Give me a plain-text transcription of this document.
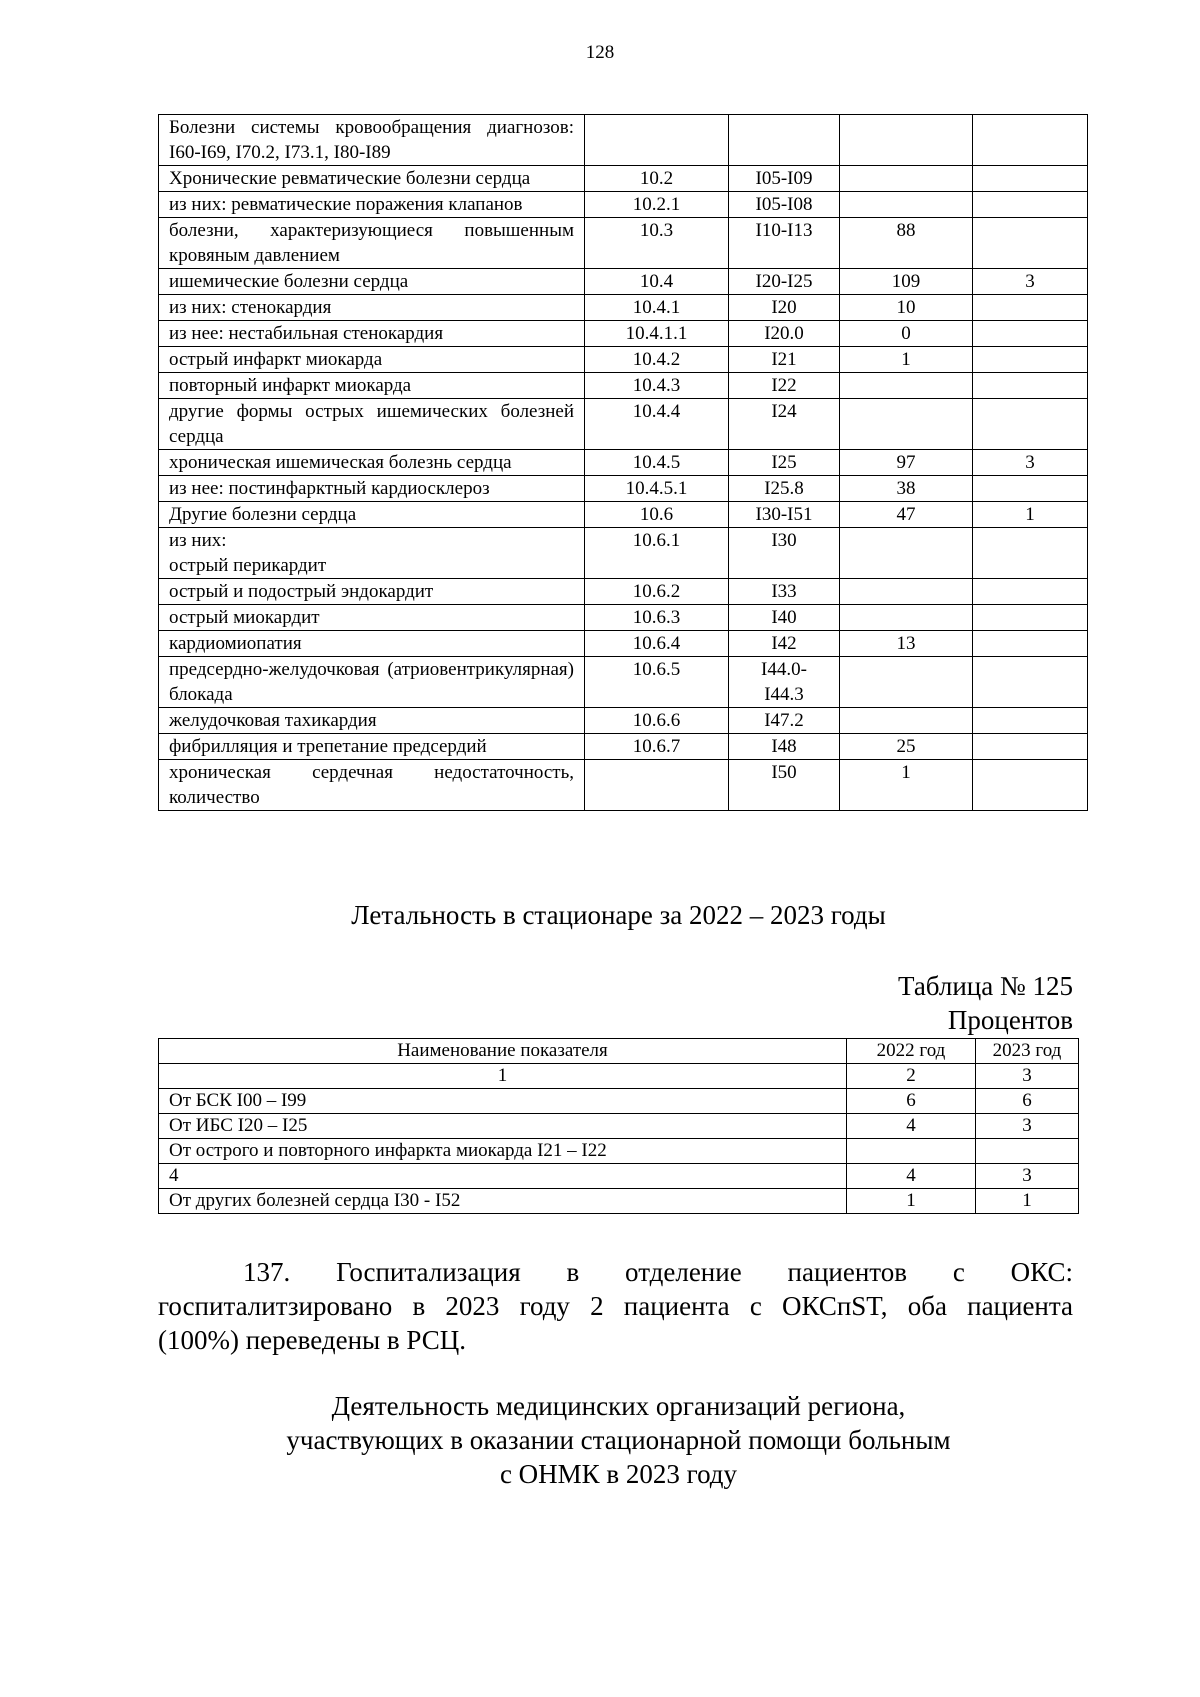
128
Болезни системы кровообращения диагнозов: I60-I69, I70.2, I73.1, I80-I89				
Хронические ревматические болезни сердца	10.2	I05-I09		
из них: ревматические поражения клапанов	10.2.1	I05-I08		
болезни, характеризующиеся повышенным кровяным давлением	10.3	I10-I13	88	
ишемические болезни сердца	10.4	I20-I25	109	3
из них: стенокардия	10.4.1	I20	10	
из нее: нестабильная стенокардия	10.4.1.1	I20.0	0	
острый инфаркт миокарда	10.4.2	I21	1	
повторный инфаркт миокарда	10.4.3	I22		
другие формы острых ишемических болезней сердца	10.4.4	I24		
хроническая ишемическая болезнь сердца	10.4.5	I25	97	3
из нее: постинфарктный кардиосклероз	10.4.5.1	I25.8	38	
Другие болезни сердца	10.6	I30-I51	47	1
из них:
острый перикардит	10.6.1	I30		
острый и подострый эндокардит	10.6.2	I33		
острый миокардит	10.6.3	I40		
кардиомиопатия	10.6.4	I42	13	
предсердно-желудочковая (атриовентрикулярная) блокада	10.6.5	I44.0-
I44.3		
желудочковая тахикардия	10.6.6	I47.2		
фибрилляция и трепетание предсердий	10.6.7	I48	25	
хроническая сердечная недостаточность, количество		I50	1	
Летальность в стационаре за 2022 – 2023 годы
Таблица № 125
Процентов
Наименование показателя	2022 год	2023 год
1	2	3
От БСК I00 – I99	6	6
От ИБС I20 – I25	4	3
От острого и повторного инфаркта миокарда I21 – I22		
4	4	3
От других болезней сердца I30 - I52	1	1
137. Госпитализация в отделение пациентов с ОКС:
госпиталитзировано в 2023 году 2 пациента с ОКСпST, оба пациента
(100%) переведены в РСЦ.
Деятельность медицинских организаций региона,
участвующих в оказании стационарной помощи больным
с ОНМК в 2023 году
